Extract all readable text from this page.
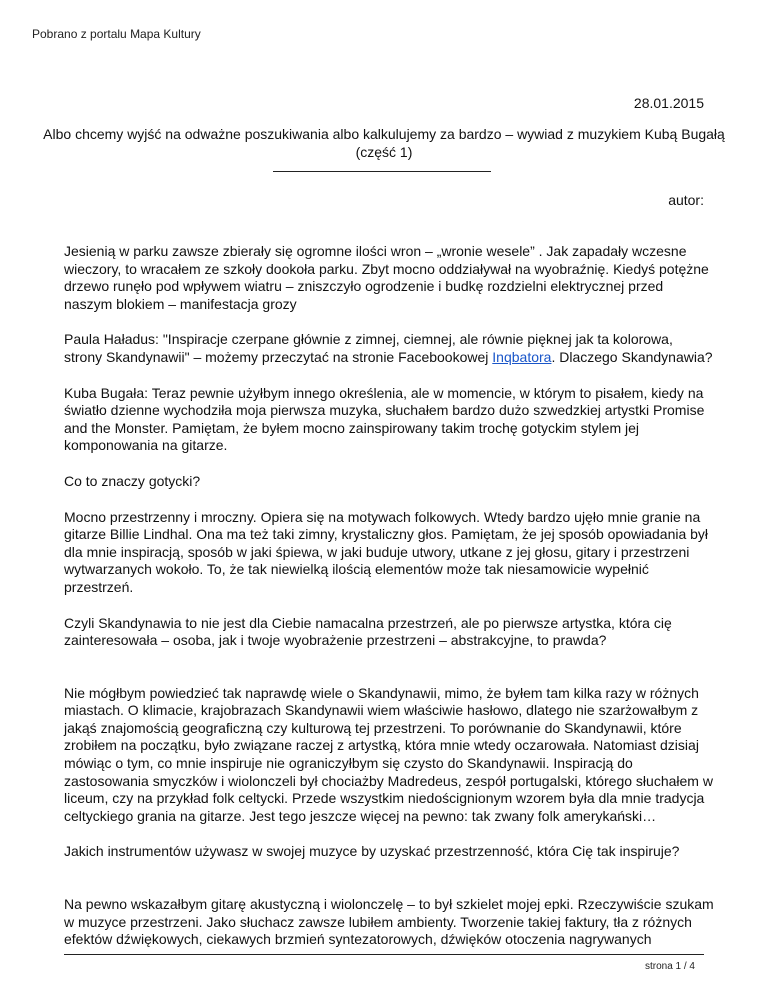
Pobrano z portalu Mapa Kultury
28.01.2015
Albo chcemy wyjść na odważne poszukiwania albo kalkulujemy za bardzo – wywiad z muzykiem Kubą Bugałą (część 1)
autor:

Jesienią w parku zawsze zbierały się ogromne ilości wron – „wronie wesele” . Jak zapadały wczesne wieczory, to wracałem ze szkoły dookoła parku. Zbyt mocno oddziaływał na wyobraźnię. Kiedyś potężne drzewo runęło pod wpływem wiatru – zniszczyło ogrodzenie i budkę rozdzielni elektrycznej przed naszym blokiem – manifestacja grozy

Paula Haładus: "Inspiracje czerpane głównie z zimnej, ciemnej, ale równie pięknej jak ta kolorowa, strony Skandynawii" – możemy przeczytać na stronie Facebookowej Inqbatora. Dlaczego Skandynawia?

Kuba Bugała: Teraz pewnie użyłbym innego określenia, ale w momencie, w którym to pisałem, kiedy na światło dzienne wychodziła moja pierwsza muzyka, słuchałem bardzo dużo szwedzkiej artystki Promise and the Monster. Pamiętam, że byłem mocno zainspirowany takim trochę gotyckim stylem jej komponowania na gitarze.

Co to znaczy gotycki?

Mocno przestrzenny i mroczny. Opiera się na motywach folkowych. Wtedy bardzo ujęło mnie granie na gitarze Billie Lindhal. Ona ma też taki zimny, krystaliczny głos. Pamiętam, że jej sposób opowiadania był dla mnie inspiracją, sposób w jaki śpiewa, w jaki buduje utwory, utkane z jej głosu, gitary i przestrzeni wytwarzanych wokoło. To, że tak niewielką ilością elementów może tak niesamowicie wypełnić przestrzeń.

Czyli Skandynawia to nie jest dla Ciebie namacalna przestrzeń, ale po pierwsze artystka, która cię zainteresowała – osoba, jak i twoje wyobrażenie przestrzeni – abstrakcyjne, to prawda?

Nie mógłbym powiedzieć tak naprawdę wiele o Skandynawii, mimo, że byłem tam kilka razy w różnych miastach. O klimacie, krajobrazach Skandynawii wiem właściwie hasłowo, dlatego nie szarżowałbym z jakąś znajomością geograficzną czy kulturową tej przestrzeni. To porównanie do Skandynawii, które zrobiłem na początku, było związane raczej z artystką, która mnie wtedy oczarowała. Natomiast dzisiaj mówiąc o tym, co mnie inspiruje nie ograniczyłbym się czysto do Skandynawii. Inspiracją do zastosowania smyczków i wiolonczeli był chociażby Madredeus, zespół portugalski, którego słuchałem w liceum, czy na przykład folk celtycki. Przede wszystkim niedoścignionym wzorem była dla mnie tradycja celtyckiego grania na gitarze. Jest tego jeszcze więcej na pewno: tak zwany folk amerykański…

Jakich instrumentów używasz w swojej muzyce by uzyskać przestrzenność, która Cię tak inspiruje?

Na pewno wskazałbym gitarę akustyczną i wiolonczelę – to był szkielet mojej epki. Rzeczywiście szukam w muzyce przestrzeni. Jako słuchacz zawsze lubiłem ambienty. Tworzenie takiej faktury, tła z różnych efektów dźwiękowych, ciekawych brzmień syntezatorowych, dźwięków otoczenia nagrywanych

strona 1 / 4
